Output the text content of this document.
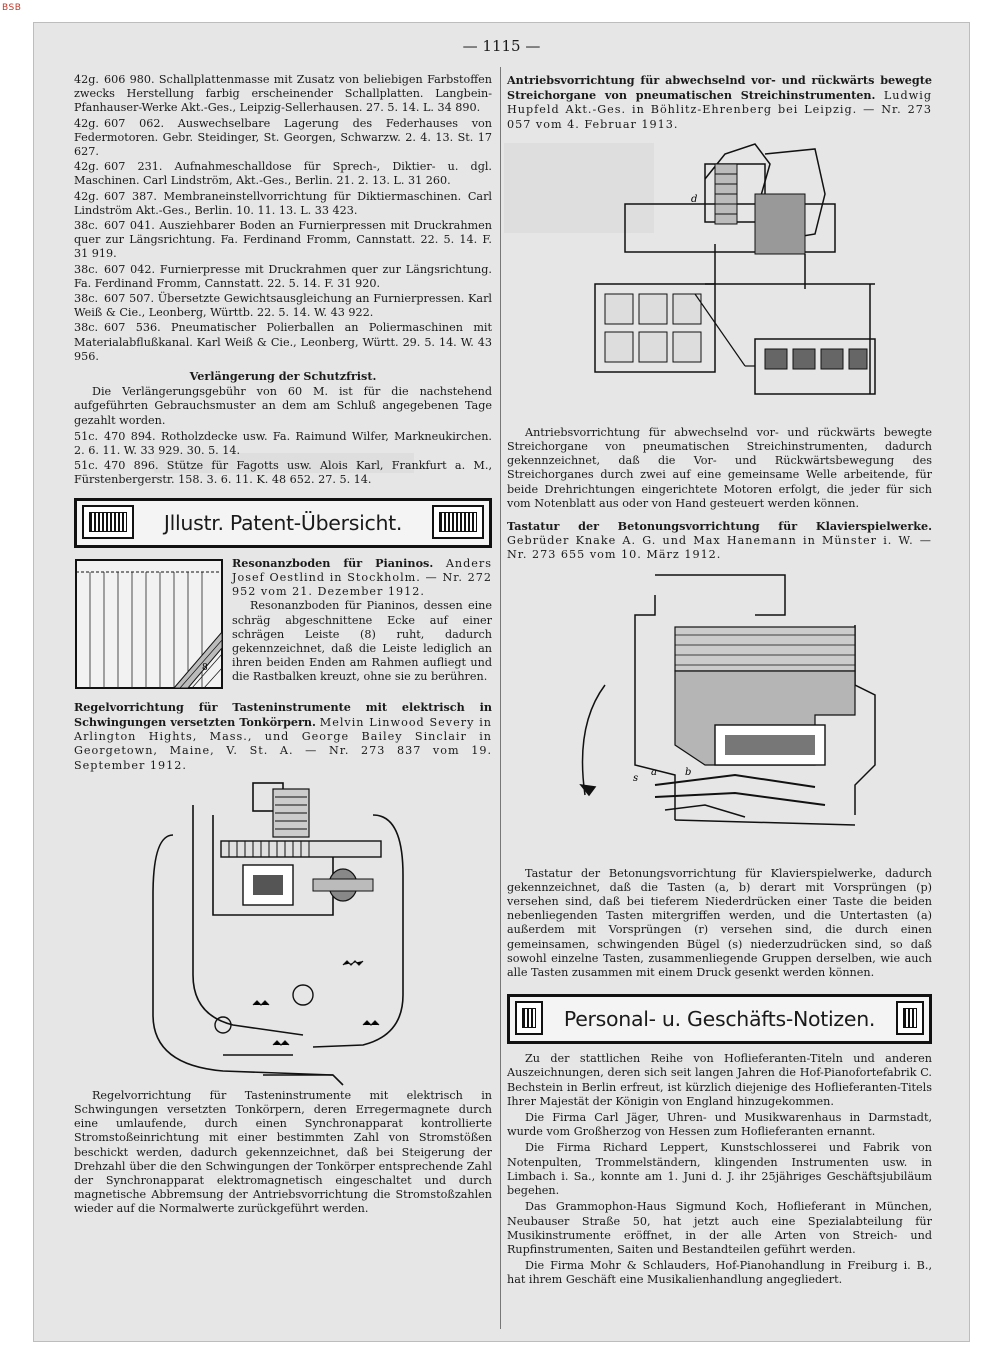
BSB
— 1115 —
42g. 606 980. Schallplattenmasse mit Zusatz von beliebigen Farbstoffen zwecks Herstellung farbig erscheinender Schallplatten. Langbein-Pfanhauser-Werke Akt.-Ges., Leipzig-Sellerhausen. 27. 5. 14. L. 34 890.
42g. 607 062. Auswechselbare Lagerung des Federhauses von Federmotoren. Gebr. Steidinger, St. Georgen, Schwarzw. 2. 4. 13. St. 17 627.
42g. 607 231. Aufnahmeschalldose für Sprech-, Diktier- u. dgl. Maschinen. Carl Lindström, Akt.-Ges., Berlin. 21. 2. 13. L. 31 260.
42g. 607 387. Membraneinstellvorrichtung für Diktiermaschinen. Carl Lindström Akt.-Ges., Berlin. 10. 11. 13. L. 33 423.
38c. 607 041. Ausziehbarer Boden an Furnierpressen mit Druckrahmen quer zur Längsrichtung. Fa. Ferdinand Fromm, Cannstatt. 22. 5. 14. F. 31 919.
38c. 607 042. Furnierpresse mit Druckrahmen quer zur Längsrichtung. Fa. Ferdinand Fromm, Cannstatt. 22. 5. 14. F. 31 920.
38c. 607 507. Übersetzte Gewichtsausgleichung an Furnierpressen. Karl Weiß & Cie., Leonberg, Württb. 22. 5. 14. W. 43 922.
38c. 607 536. Pneumatischer Polierballen an Poliermaschinen mit Materialabflußkanal. Karl Weiß & Cie., Leonberg, Württ. 29. 5. 14. W. 43 956.
Verlängerung der Schutzfrist.
Die Verlängerungsgebühr von 60 M. ist für die nachstehend aufgeführten Gebrauchsmuster an dem am Schluß angegebenen Tage gezahlt worden.
51c. 470 894. Rotholzdecke usw. Fa. Raimund Wilfer, Markneukirchen. 2. 6. 11. W. 33 929. 30. 5. 14.
51c. 470 896. Stütze für Fagotts usw. Alois Karl, Frankfurt a. M., Fürstenbergerstr. 158. 3. 6. 11. K. 48 652. 27. 5. 14.
Jllustr. Patent-Übersicht.
8
Resonanzboden für Pianinos. Anders Josef Oestlind in Stockholm. — Nr. 272 952 vom 21. Dezember 1912.
Resonanzboden für Pianinos, dessen eine schräg abgeschnittene Ecke auf einer schrägen Leiste (8) ruht, dadurch gekennzeichnet, daß die Leiste lediglich an ihren beiden Enden am Rahmen aufliegt und die Rastbalken kreuzt, ohne sie zu berühren.
Regelvorrichtung für Tasteninstrumente mit elektrisch in Schwingungen versetzten Tonkörpern. Melvin Linwood Severy in Arlington Hights, Mass., und George Bailey Sinclair in Georgetown, Maine, V. St. A. — Nr. 273 837 vom 19. September 1912.
Regelvorrichtung für Tasteninstrumente mit elektrisch in Schwingungen versetzten Tonkörpern, deren Erregermagnete durch eine umlaufende, durch einen Synchronapparat kontrollierte Stromstoßeinrichtung mit einer bestimmten Zahl von Stromstößen beschickt werden, dadurch gekennzeichnet, daß bei Steigerung der Drehzahl über die den Schwingungen der Tonkörper entsprechende Zahl der Synchronapparat elektromagnetisch eingeschaltet und durch magnetische Abbremsung der Antriebsvorrichtung die Stromstoßzahlen wieder auf die Normalwerte zurückgeführt werden.
Antriebsvorrichtung für abwechselnd vor- und rückwärts bewegte Streichorgane von pneumatischen Streichinstrumenten. Ludwig Hupfeld Akt.-Ges. in Böhlitz-Ehrenberg bei Leipzig. — Nr. 273 057 vom 4. Februar 1913.
d
Antriebsvorrichtung für abwechselnd vor- und rückwärts bewegte Streichorgane von pneumatischen Streichinstrumenten, dadurch gekennzeichnet, daß die Vor- und Rückwärtsbewegung des Streichorganes durch zwei auf eine gemeinsame Welle arbeitende, für beide Drehrichtungen eingerichtete Motoren erfolgt, die jeder für sich vom Notenblatt aus oder von Hand gesteuert werden können.
Tastatur der Betonungsvorrichtung für Klavierspielwerke. Gebrüder Knake A. G. und Max Hanemann in Münster i. W. — Nr. 273 655 vom 10. März 1912.
s
a	b
Tastatur der Betonungsvorrichtung für Klavierspielwerke, dadurch gekennzeichnet, daß die Tasten (a, b) derart mit Vorsprüngen (p) versehen sind, daß bei tieferem Niederdrücken einer Taste die beiden nebenliegenden Tasten mitergriffen werden, und die Untertasten (a) außerdem mit Vorsprüngen (r) versehen sind, die durch einen gemeinsamen, schwingenden Bügel (s) niederzudrücken sind, so daß sowohl einzelne Tasten, zusammenliegende Gruppen derselben, wie auch alle Tasten zusammen mit einem Druck gesenkt werden können.
Personal- u. Geschäfts-Notizen.
Zu der stattlichen Reihe von Hoflieferanten-Titeln und anderen Auszeichnungen, deren sich seit langen Jahren die Hof-Pianofortefabrik C. Bechstein in Berlin erfreut, ist kürzlich diejenige des Hoflieferanten-Titels Ihrer Majestät der Königin von England hinzugekommen.
Die Firma Carl Jäger, Uhren- und Musikwarenhaus in Darmstadt, wurde vom Großherzog von Hessen zum Hoflieferanten ernannt.
Die Firma Richard Leppert, Kunstschlosserei und Fabrik von Notenpulten, Trommelständern, klingenden Instrumenten usw. in Limbach i. Sa., konnte am 1. Juni d. J. ihr 25jähriges Geschäftsjubiläum begehen.
Das Grammophon-Haus Sigmund Koch, Hoflieferant in München, Neubauser Straße 50, hat jetzt auch eine Spezialabteilung für Musikinstrumente eröffnet, in der alle Arten von Streich- und Rupfinstrumenten, Saiten und Bestandteilen geführt werden.
Die Firma Mohr & Schlauders, Hof-Pianohandlung in Freiburg i. B., hat ihrem Geschäft eine Musikalienhandlung angegliedert.
